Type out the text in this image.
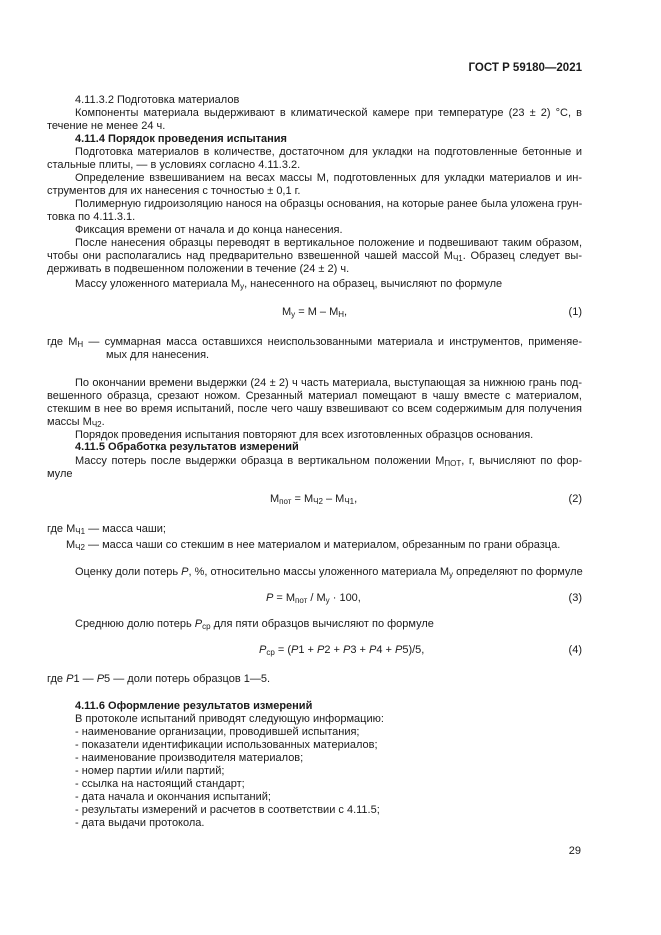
ГОСТ Р 59180—2021
4.11.3.2 Подготовка материалов
Компоненты материала выдерживают в климатической камере при температуре (23 ± 2) °С, в
течение не менее 24 ч.
4.11.4 Порядок проведения испытания
Подготовка материалов в количестве, достаточном для укладки на подготовленные бетонные и
стальные плиты, — в условиях согласно 4.11.3.2.
Определение взвешиванием на весах массы М, подготовленных для укладки материалов и ин-
струментов для их нанесения с точностью ± 0,1 г.
Полимерную гидроизоляцию нанося на образцы основания, на которые ранее была уложена грун-
товка по 4.11.3.1.
Фиксация времени от начала и до конца нанесения.
После нанесения образцы переводят в вертикальное положение и подвешивают таким образом,
чтобы они располагались над предварительно взвешенной чашей массой $М_{Ч1}$. Образец следует вы-
держивать в подвешенном положении в течение (24 ± 2) ч.
Массу уложенного материала $М_у$, нанесенного на образец, вычисляют по формуле
$М_у = М - М_Н$,	(1)
где $М_Н$ — суммарная масса оставшихся неиспользованными материала и инструментов, применяе-
мых для нанесения.
По окончании времени выдержки (24 ± 2) ч часть материала, выступающая за нижнюю грань под-
вешенного образца, срезают ножом. Срезанный материал помещают в чашу вместе с материалом,
стекшим в нее во время испытаний, после чего чашу взвешивают со всем содержимым для получения
массы $М_{Ч2}$.
Порядок проведения испытания повторяют для всех изготовленных образцов основания.
4.11.5 Обработка результатов измерений
Массу потерь после выдержки образца в вертикальном положении $М_{ПОТ}$, г, вычисляют по фор-
муле
$М_{пот} = М_{Ч2} - М_{Ч1}$,	(2)
где $М_{Ч1}$ — масса чаши;
$М_{Ч2}$ — масса чаши со стекшим в нее материалом и материалом, обрезанным по грани образца.
Оценку доли потерь Р, %, относительно массы уложенного материала $М_у$ определяют по формуле
$Р = М_{пот} / М_у \cdot 100$,	(3)
Среднюю долю потерь $Р_{ср}$ для пяти образцов вычисляют по формуле
$Р_{ср} = (Р1 + Р2 + Р3 + Р4 + Р5)/5$,	(4)
где Р1 — Р5 — доли потерь образцов 1—5.
4.11.6 Оформление результатов измерений
В протоколе испытаний приводят следующую информацию:
- наименование организации, проводившей испытания;
- показатели идентификации использованных материалов;
- наименование производителя материалов;
- номер партии и/или партий;
- ссылка на настоящий стандарт;
- дата начала и окончания испытаний;
- результаты измерений и расчетов в соответствии с 4.11.5;
- дата выдачи протокола.
29
